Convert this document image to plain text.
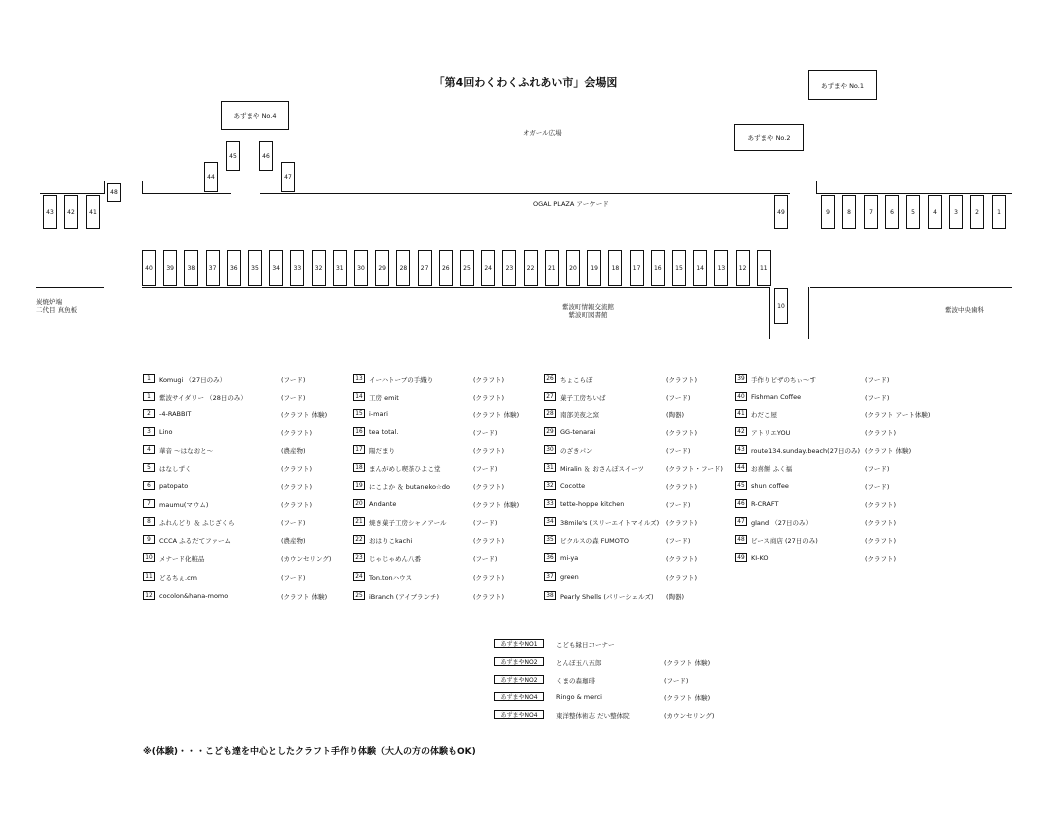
「第4回わくわくふれあい市」会場図	あずまや No.1
あずまや No.2
あずまや No.4
オガール広場
OGAL PLAZA アーケード
炭焼炉端
二代目 真魚板	紫波町情報交流館
紫波町図書館
紫波中央歯科
44
45	46
47
43	42	41
48
49
10
9	8	7	6	5	4	3	2	1
40	39	38	37	36	35	34	33	32	31	30	29	28	27	26	25	24	23	22	21	20	19	18	17	16	15	14	13	12	11
1	Komugi （27日のみ）	(フード)
1	紫波サイダリー （28日のみ）	(フード)
2	-4-RABBIT	(クラフト 体験)
3	Lino	(クラフト)
4	華音 ～はなおと～	(農産物)
5	はなしずく	(クラフト)
6	patopato	(クラフト)
7	maumu(マウム)	(クラフト)
8	ふれんどり ＆ ふじざくら	(フード)
9	CCCA ふるだてファーム	(農産物)
10 メナード化粧品	(カウンセリング)
11 どるちぇ.cm	(フード)
12 cocolon&hana-momo	(クラフト 体験)
13 イーハトーブの手織り	(クラフト)
14 工房 emit	(クラフト)
15 i-mari	(クラフト 体験)
16 tea total.	(フード)
17 陽だまり	(クラフト)
18 まんがめし喫茶ひよこ堂	(フード)
19 にこよか ＆ butaneko☆do	(クラフト)
20 Andante	(クラフト 体験)
21 焼き菓子工房シャノアール	(フード)
22 おはりこkachi	(クラフト)
23 じゃじゃめん八番	(フード)
24 Ton.tonハウス	(クラフト)
25 iBranch (アイブランチ)	(クラフト)
26 ちょこらぼ	(クラフト)
27 菓子工房ちいば	(フード)
28 南部美夜之窯	(陶器)
29 GG-tenarai	(クラフト)
30 のざきパン	(フード)
31 Miralin ＆ おさんぽスイーツ	(クラフト・フード)
32 Cocotte	(クラフト)
33 tette-hoppe kitchen	(フード)
34 38mile's (スリーエイトマイルズ) (クラフト)
35 ピクルスの森 FUMOTO	(フード)
36 mi-ya	(クラフト)
37 green	(クラフト)
38 Pearly Shells (パリーシェルズ) (陶器)
39 手作りピザのちぃ～す	(フード)
40 Fishman Coffee	(フード)
41 わだこ屋	(クラフト アート体験)
42 アトリエYOU	(クラフト)
43 route134.sunday.beach(27日のみ) (クラフト 体験)
44 お喜餅 ふく福	(フード)
45 shun coffee	(フード)
46 R-CRAFT	(クラフト)
47 gland （27日のみ）	(クラフト)
48 ピース商店 (27日のみ)	(クラフト)
49 KI-KO	(クラフト)
あずまやNO1	こども縁日コーナー
あずまやNO2	とんぼ玉八五郎	(クラフト 体験)
あずまやNO2	くまの森珈琲	(フード)
あずまやNO4	Ringo & merci	(クラフト 体験)
あずまやNO4	東洋整体術志 だい整体院	(カウンセリング)
※(体験)・・・こども達を中心としたクラフト手作り体験（大人の方の体験もOK)
